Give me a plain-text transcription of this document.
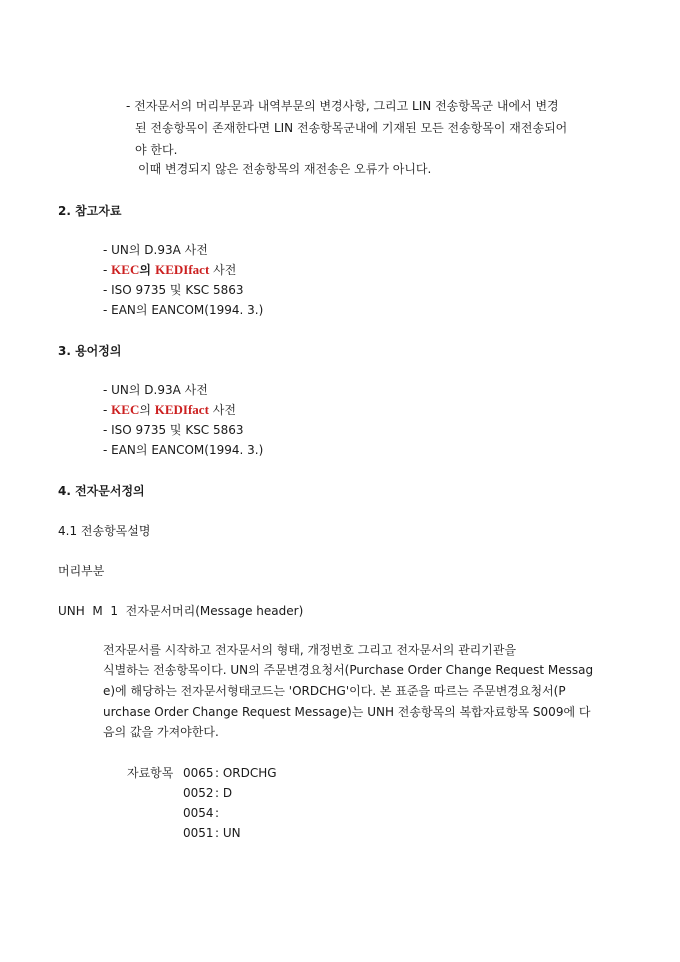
- 전자문서의 머리부문과 내역부문의 변경사항, 그리고 LIN 전송항목군 내에서 변경
된 전송항목이 존재한다면 LIN 전송항목군내에 기재된 모든 전송항목이 재전송되어
야 한다.
이때 변경되지 않은 전송항목의 재전송은 오류가 아니다.
2. 참고자료
- UN의 D.93A 사전
- KEC의 KEDIfact 사전
- ISO 9735 및 KSC 5863
- EAN의 EANCOM(1994. 3.)
3. 용어정의
- UN의 D.93A 사전
- KEC의 KEDIfact 사전
- ISO 9735 및 KSC 5863
- EAN의 EANCOM(1994. 3.)
4. 전자문서정의
4.1 전송항목설명
머리부분
UNH  M  1  전자문서머리(Message header)
전자문서를 시작하고 전자문서의 형태, 개정번호 그리고 전자문서의 관리기관을
식별하는 전송항목이다. UN의 주문변경요청서(Purchase Order Change Request Messag
e)에 해당하는 전자문서형태코드는 'ORDCHG'이다. 본 표준을 따르는 주문변경요청서(P
urchase Order Change Request Message)는 UNH 전송항목의 복합자료항목 S009에 다
음의 값을 가져야한다.
자료항목 0065 : ORDCHG
0052 : D
0054 :
0051 : UN
